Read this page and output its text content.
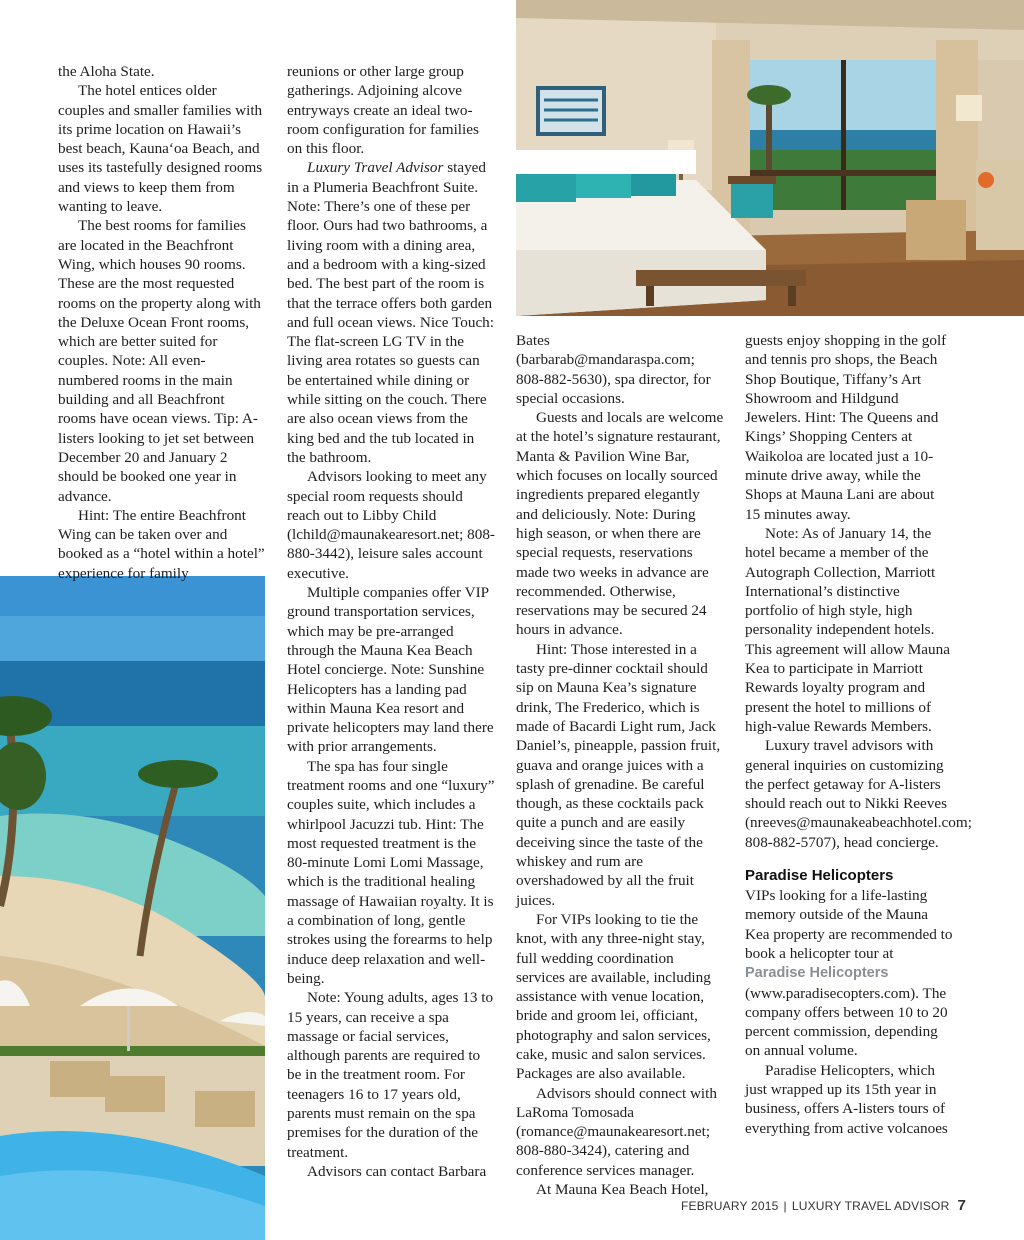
the Aloha State.

The hotel entices older couples and smaller families with its prime location on Hawaii’s best beach, Kauna‘oa Beach, and uses its tastefully designed rooms and views to keep them from wanting to leave.

The best rooms for families are located in the Beachfront Wing, which houses 90 rooms. These are the most requested rooms on the property along with the Deluxe Ocean Front rooms, which are better suited for couples. Note: All even-numbered rooms in the main building and all Beachfront rooms have ocean views. Tip: A-listers looking to jet set between December 20 and January 2 should be booked one year in advance.

Hint: The entire Beachfront Wing can be taken over and booked as a “hotel within a hotel” experience for family

reunions or other large group gatherings. Adjoining alcove entryways create an ideal two-room configuration for families on this floor.

Luxury Travel Advisor stayed in a Plumeria Beachfront Suite. Note: There’s one of these per floor. Ours had two bathrooms, a living room with a dining area, and a bedroom with a king-sized bed. The best part of the room is that the terrace offers both garden and full ocean views. Nice Touch: The flat-screen LG TV in the living area rotates so guests can be entertained while dining or while sitting on the couch. There are also ocean views from the king bed and the tub located in the bathroom.

Advisors looking to meet any special room requests should reach out to Libby Child (lchild@maunakearesort.net; 808-880-3442), leisure sales account executive.

Multiple companies offer VIP ground transportation services, which may be pre-arranged through the Mauna Kea Beach Hotel concierge. Note: Sunshine Helicopters has a landing pad within Mauna Kea resort and private helicopters may land there with prior arrangements.

The spa has four single treatment rooms and one “luxury” couples suite, which includes a whirlpool Jacuzzi tub. Hint: The most requested treatment is the 80-minute Lomi Lomi Massage, which is the traditional healing massage of Hawaiian royalty. It is a combination of long, gentle strokes using the forearms to help induce deep relaxation and well-being.

Note: Young adults, ages 13 to 15 years, can receive a spa massage or facial services, although parents are required to be in the treatment room. For teenagers 16 to 17 years old, parents must remain on the spa premises for the duration of the treatment.

Advisors can contact Barbara

Bates (barbarab@mandaraspa.com; 808-882-5630), spa director, for special occasions.

Guests and locals are welcome at the hotel’s signature restaurant, Manta & Pavilion Wine Bar, which focuses on locally sourced ingredients prepared elegantly and deliciously. Note: During high season, or when there are special requests, reservations made two weeks in advance are recommended. Otherwise, reservations may be secured 24 hours in advance.

Hint: Those interested in a tasty pre-dinner cocktail should sip on Mauna Kea’s signature drink, The Frederico, which is made of Bacardi Light rum, Jack Daniel’s, pineapple, passion fruit, guava and orange juices with a splash of grenadine. Be careful though, as these cocktails pack quite a punch and are easily deceiving since the taste of the whiskey and rum are overshadowed by all the fruit juices.

For VIPs looking to tie the knot, with any three-night stay, full wedding coordination services are available, including assistance with venue location, bride and groom lei, officiant, photography and salon services, cake, music and salon services. Packages are also available.

Advisors should connect with LaRoma Tomosada (romance@maunakearesort.net; 808-880-3424), catering and conference services manager.

At Mauna Kea Beach Hotel,

guests enjoy shopping in the golf and tennis pro shops, the Beach Shop Boutique, Tiffany’s Art Showroom and Hildgund Jewelers. Hint: The Queens and Kings’ Shopping Centers at Waikoloa are located just a 10-minute drive away, while the Shops at Mauna Lani are about 15 minutes away.

Note: As of January 14, the hotel became a member of the Autograph Collection, Marriott International’s distinctive portfolio of high style, high personality independent hotels. This agreement will allow Mauna Kea to participate in Marriott Rewards loyalty program and present the hotel to millions of high-value Rewards Members.

Luxury travel advisors with general inquiries on customizing the perfect getaway for A-listers should reach out to Nikki Reeves (nreeves@maunakeabeachhotel.com; 808-882-5707), head concierge.

Paradise Helicopters

VIPs looking for a life-lasting memory outside of the Mauna Kea property are recommended to book a helicopter tour at Paradise Helicopters (www.paradisecopters.com). The company offers between 10 to 20 percent commission, depending on annual volume.

Paradise Helicopters, which just wrapped up its 15th year in business, offers A-listers tours of everything from active volcanoes

FEBRUARY 2015 | LUXURY TRAVEL ADVISOR 7
